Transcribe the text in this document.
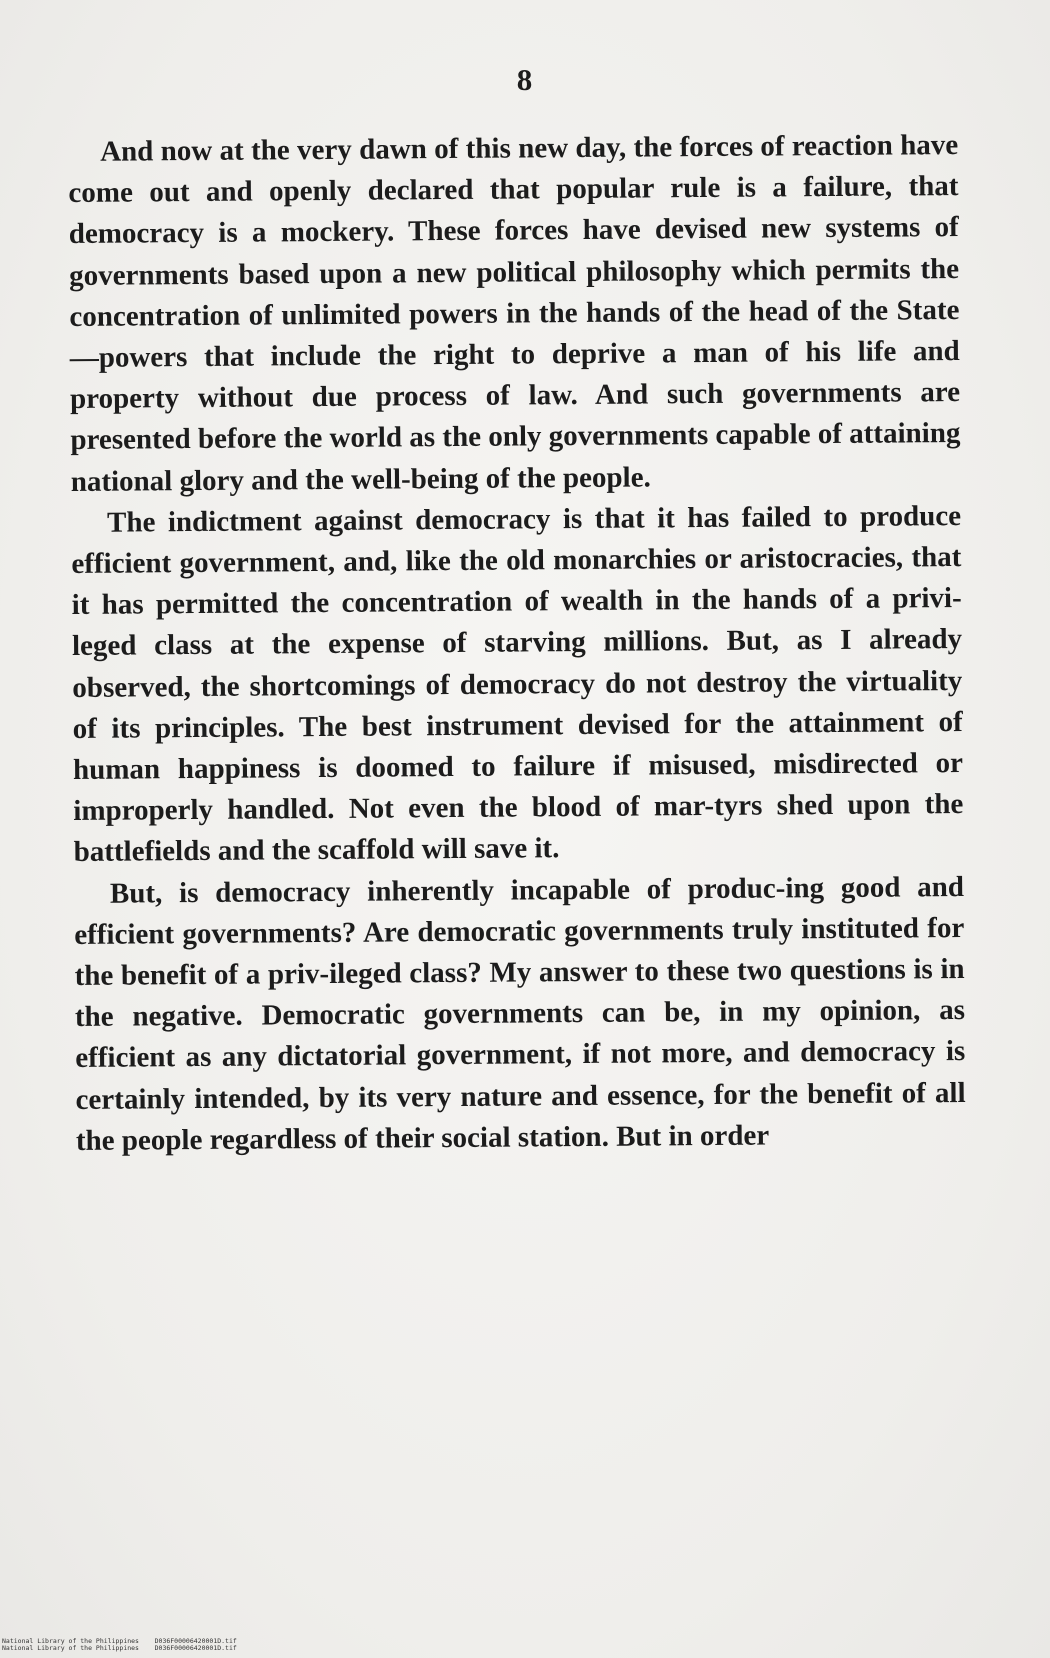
8

And now at the very dawn of this new day, the forces of reaction have come out and openly declared that popular rule is a failure, that democracy is a mockery. These forces have devised new systems of governments based upon a new political philosophy which permits the concentration of unlimited powers in the hands of the head of the State—powers that include the right to deprive a man of his life and property without due process of law. And such governments are presented before the world as the only governments capable of attaining national glory and the well-being of the people.

The indictment against democracy is that it has failed to produce efficient government, and, like the old monarchies or aristocracies, that it has permitted the concentration of wealth in the hands of a privi-leged class at the expense of starving millions. But, as I already observed, the shortcomings of democracy do not destroy the virtuality of its principles. The best instrument devised for the attainment of human happiness is doomed to failure if misused, misdirected or improperly handled. Not even the blood of mar-tyrs shed upon the battlefields and the scaffold will save it.

But, is democracy inherently incapable of produc-ing good and efficient governments? Are democratic governments truly instituted for the benefit of a priv-ileged class? My answer to these two questions is in the negative. Democratic governments can be, in my opinion, as efficient as any dictatorial government, if not more, and democracy is certainly intended, by its very nature and essence, for the benefit of all the people regardless of their social station. But in order

National Library of the Philippines    D036F00006420001D.tif
National Library of the Philippines    D036F00006420001D.tif
